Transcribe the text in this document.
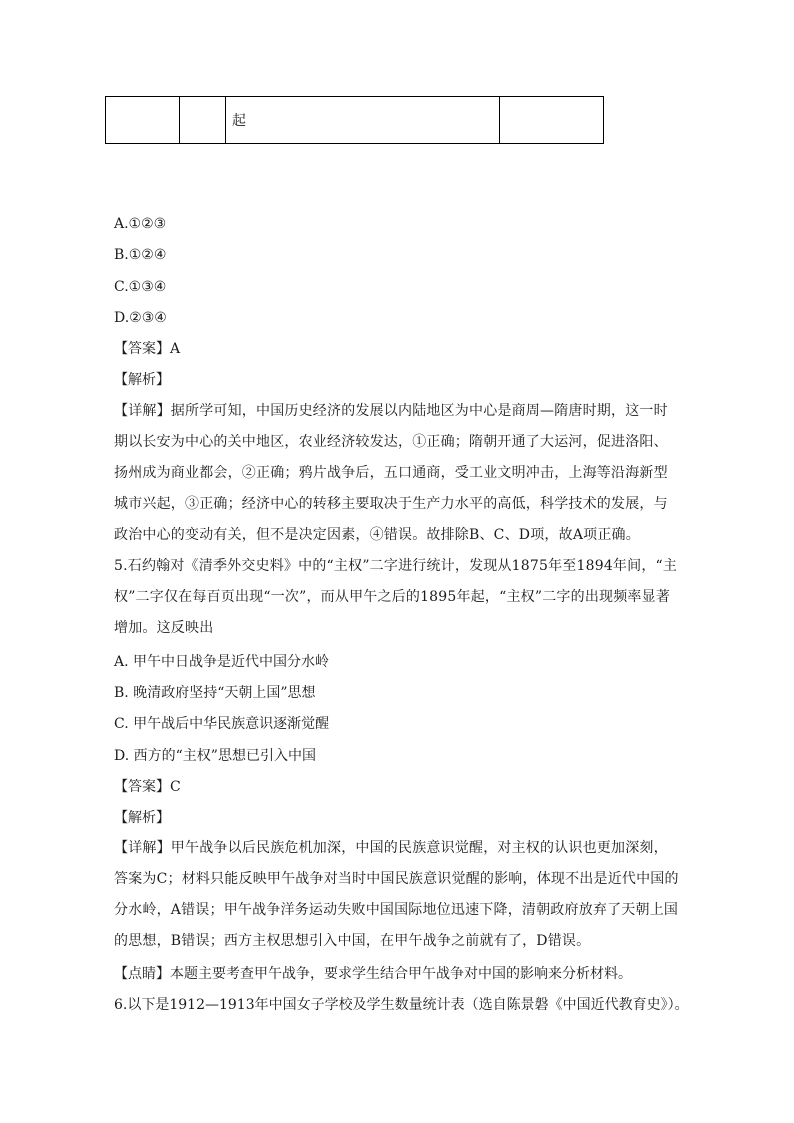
		起	
A.①②③
B.①②④
C.①③④
D.②③④
【答案】A
【解析】

【详解】据所学可知，中国历史经济的发展以内陆地区为中心是商周—隋唐时期，这一时期以长安为中心的关中地区，农业经济较发达，①正确；隋朝开通了大运河，促进洛阳、扬州成为商业都会，②正确；鸦片战争后，五口通商，受工业文明冲击，上海等沿海新型城市兴起，③正确；经济中心的转移主要取决于生产力水平的高低，科学技术的发展，与政治中心的变动有关，但不是决定因素，④错误。故排除B、C、D项，故A项正确。

5.石约翰对《清季外交史料》中的“主权”二字进行统计，发现从1875年至1894年间，“主权”二字仅在每百页出现“一次”，而从甲午之后的1895年起，“主权”二字的出现频率显著增加。这反映出

A. 甲午中日战争是近代中国分水岭
B. 晚清政府坚持“天朝上国”思想
C. 甲午战后中华民族意识逐渐觉醒
D. 西方的“主权”思想已引入中国
【答案】C
【解析】

【详解】甲午战争以后民族危机加深，中国的民族意识觉醒，对主权的认识也更加深刻，答案为C；材料只能反映甲午战争对当时中国民族意识觉醒的影响，体现不出是近代中国的分水岭，A错误；甲午战争洋务运动失败中国国际地位迅速下降，清朝政府放弃了天朝上国的思想，B错误；西方主权思想引入中国，在甲午战争之前就有了，D错误。

【点睛】本题主要考查甲午战争，要求学生结合甲午战争对中国的影响来分析材料。
6.以下是1912—1913年中国女子学校及学生数量统计表（选自陈景磐《中国近代教育史》）。
